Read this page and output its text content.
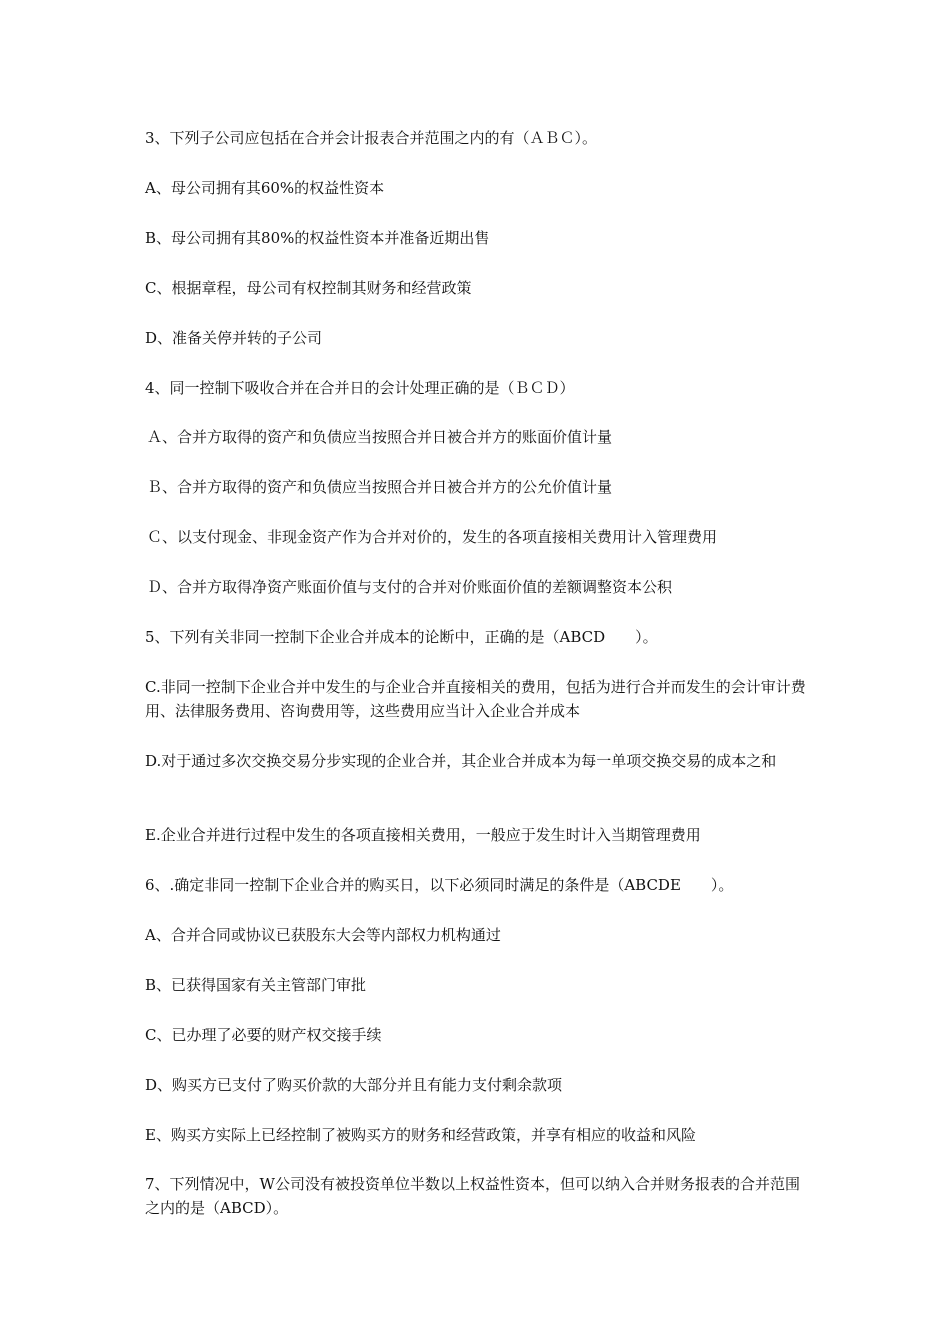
3、下列子公司应包括在合并会计报表合并范围之内的有（ＡＢＣ）。
A、母公司拥有其60%的权益性资本
B、母公司拥有其80%的权益性资本并准备近期出售
C、根据章程，母公司有权控制其财务和经营政策
D、准备关停并转的子公司
4、同一控制下吸收合并在合并日的会计处理正确的是（ＢＣＤ）
Ａ、合并方取得的资产和负债应当按照合并日被合并方的账面价值计量
Ｂ、合并方取得的资产和负债应当按照合并日被合并方的公允价值计量
Ｃ、以支付现金、非现金资产作为合并对价的，发生的各项直接相关费用计入管理费用
Ｄ、合并方取得净资产账面价值与支付的合并对价账面价值的差额调整资本公积
5、下列有关非同一控制下企业合并成本的论断中，正确的是（ABCD　　）。
C.非同一控制下企业合并中发生的与企业合并直接相关的费用，包括为进行合并而发生的会计审计费用、法律服务费用、咨询费用等，这些费用应当计入企业合并成本
D.对于通过多次交换交易分步实现的企业合并，其企业合并成本为每一单项交换交易的成本之和
E.企业合并进行过程中发生的各项直接相关费用，一般应于发生时计入当期管理费用
6、.确定非同一控制下企业合并的购买日，以下必须同时满足的条件是（ABCDE　　）。
A、合并合同或协议已获股东大会等内部权力机构通过
B、已获得国家有关主管部门审批
C、已办理了必要的财产权交接手续
D、购买方已支付了购买价款的大部分并且有能力支付剩余款项
E、购买方实际上已经控制了被购买方的财务和经营政策，并享有相应的收益和风险
7、下列情况中，W公司没有被投资单位半数以上权益性资本，但可以纳入合并财务报表的合并范围之内的是（ABCD）。
